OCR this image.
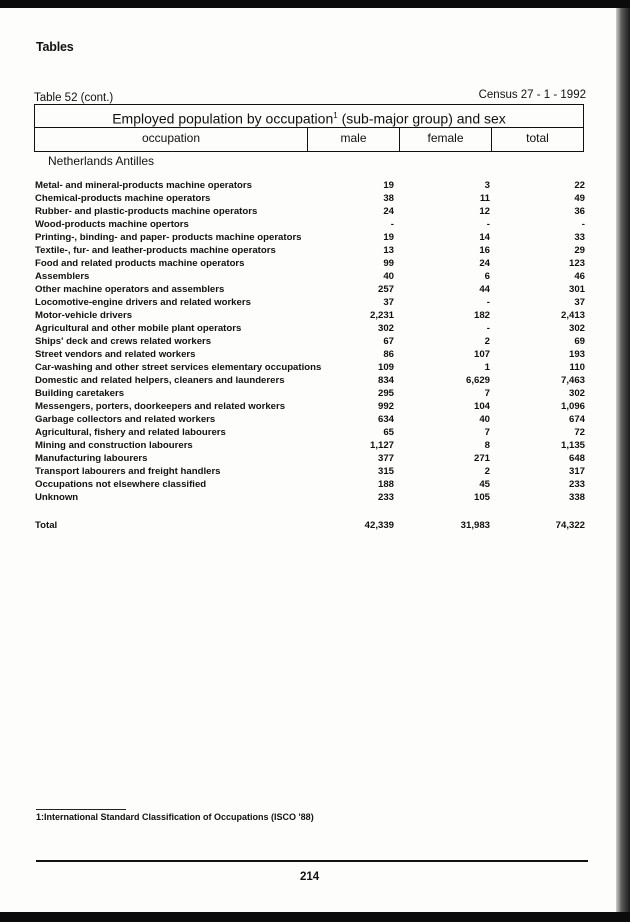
Tables
Table 52 (cont.)	Census 27 - 1 - 1992
Employed population by occupation$^1$ (sub-major group) and sex
occupation	male	female	total
Netherlands Antilles
Metal- and mineral-products machine operators	19	3	22
Chemical-products machine operators	38	11	49
Rubber- and plastic-products machine operators	24	12	36
Wood-products machine opertors	-	-	-
Printing-, binding- and paper- products machine operators	19	14	33
Textile-, fur- and leather-products machine operators	13	16	29
Food and related products machine operators	99	24	123
Assemblers	40	6	46
Other machine operators and assemblers	257	44	301
Locomotive-engine drivers and related workers	37	-	37
Motor-vehicle drivers	2,231	182	2,413
Agricultural and other mobile plant operators	302	-	302
Ships' deck and crews related workers	67	2	69
Street vendors and related workers	86	107	193
Car-washing and other street services elementary occupations	109	1	110
Domestic and related helpers, cleaners and launderers	834	6,629	7,463
Building caretakers	295	7	302
Messengers, porters, doorkeepers and related workers	992	104	1,096
Garbage collectors and related workers	634	40	674
Agricultural, fishery and related labourers	65	7	72
Mining and construction labourers	1,127	8	1,135
Manufacturing labourers	377	271	648
Transport labourers and freight handlers	315	2	317
Occupations not elsewhere classified	188	45	233
Unknown	233	105	338
Total	42,339	31,983	74,322
1:International Standard Classification of Occupations (ISCO '88)
214
